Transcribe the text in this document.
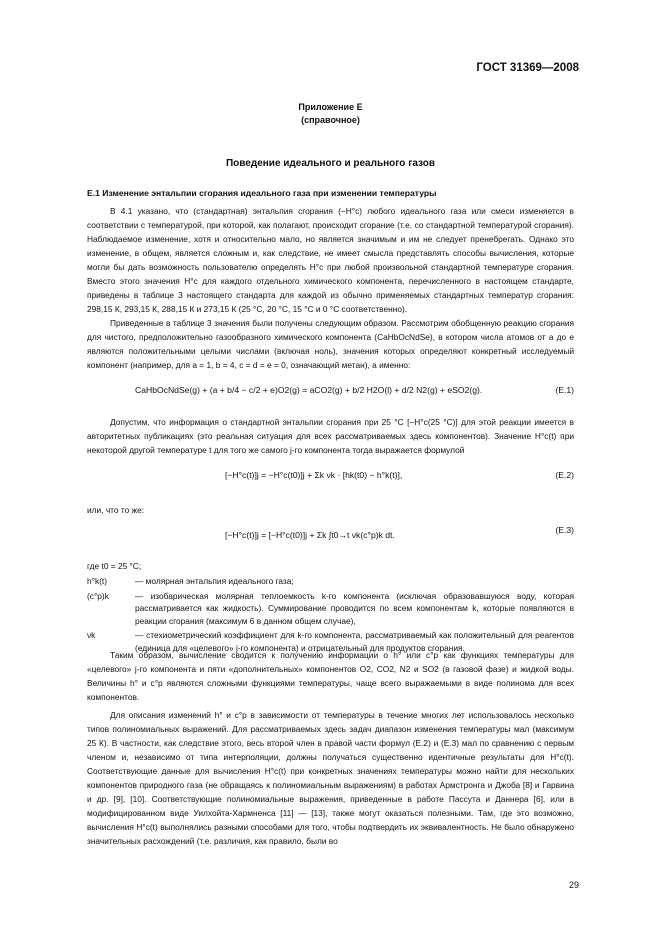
ГОСТ 31369—2008
Приложение E
(справочное)
Поведение идеального и реального газов
E.1 Изменение энтальпии сгорания идеального газа при изменении температуры

В 4.1 указано, что (стандартная) энтальпия сгорания (−H°c) любого идеального газа или смеси изменяется в соответствии с температурой, при которой, как полагают, происходит сгорание (т.е. со стандартной температурой сгорания). Наблюдаемое изменение, хотя и относительно мало, но является значимым и им не следует пренебрегать. Однако это изменение, в общем, является сложным и, как следствие, не имеет смысла представлять способы вычисления, которые могли бы дать возможность пользователю определять H°c при любой произвольной стандартной температуре сгорания. Вместо этого значения H°c для каждого отдельного химического компонента, перечисленного в настоящем стандарте, приведены в таблице 3 настоящего стандарта для каждой из обычно применяемых стандартных температур сгорания: 298,15 К, 293,15 К, 288,15 К и 273,15 К (25 °С, 20 °С, 15 °С и 0 °С соответственно).

Приведенные в таблице 3 значения были получены следующим образом. Рассмотрим обобщенную реакцию сгорания для чистого, предположительно газообразного химического компонента (CaHbOcNdSe), в котором числа атомов от a до e являются положительными целыми числами (включая ноль), значения которых определяют конкретный исследуемый компонент (например, для a = 1, b = 4, c = d = e = 0, означающий метан), а именно:

CaHbOcNdSe(g) + (a + b/4 − c/2 + e)O2(g) = aCO2(g) + b/2 H2O(l) + d/2 N2(g) + eSO2(g).	(E.1)

Допустим, что информация о стандартной энтальпии сгорания при 25 °С [−H°c(25 °С)] для этой реакции имеется в авторитетных публикациях (это реальная ситуация для всех рассматриваемых здесь компонентов). Значение H°c(t) при некоторой другой температуре t для того же самого j-го компонента тогда выражается формулой

[−H°c(t)]j = −H°c(t0)]j + Σk νk · [hk(t0) − h°k(t)],	(E.2)

или, что то же:

[−H°c(t)]j = [−H°c(t0)]j + Σk ∫t0→t νk(c°p)k dt.	(E.3)

где t0 = 25 °С;

h°k(t)	— молярная энтальпия идеального газа;
(c°p)k	— изобарическая молярная теплоемкость k-го компонента (исключая образовавшуюся воду, которая рассматривается как жидкость). Суммирование проводится по всем компонентам k, которые появляются в реакции сгорания (максимум 6 в данном общем случае),
νk	— стехиометрический коэффициент для k-го компонента, рассматриваемый как положительный для реагентов (единица для «целевого» j-го компонента) и отрицательный для продуктов сгорания.

Таким образом, вычисление сводится к получению информации о h° или c°p как функциях температуры для «целевого» j-го компонента и пяти «дополнительных» компонентов O2, CO2, N2 и SO2 (в газовой фазе) и жидкой воды. Величины h° и c°p являются сложными функциями температуры, чаще всего выражаемыми в виде полинома для всех компонентов.

Для описания изменений h° и c°p в зависимости от температуры в течение многих лет использовалось несколько типов полиномиальных выражений. Для рассматриваемых здесь задач диапазон изменения температуры мал (максимум 25 К). В частности, как следствие этого, весь второй член в правой части формул (E.2) и (E.3) мал по сравнению с первым членом и, независимо от типа интерполяции, должны получаться существенно идентичные результаты для H°c(t). Соответствующие данные для вычисления H°c(t) при конкретных значениях температуры можно найти для нескольких компонентов природного газа (не обращаясь к полиномиальным выражениям) в работах Армстронга и Джоба [8] и Гарвина и др. [9], [10]. Соответствующие полиномиальные выражения, приведенные в работе Пассута и Даннера [6], или в модифицированном виде Уилхойта-Хармненса [11] — [13], также могут оказаться полезными. Там, где это возможно, вычисления H°c(t) выполнялись разными способами для того, чтобы подтвердить их эквивалентность. Не было обнаружено значительных расхождений (т.е. различия, как правило, были во

29
